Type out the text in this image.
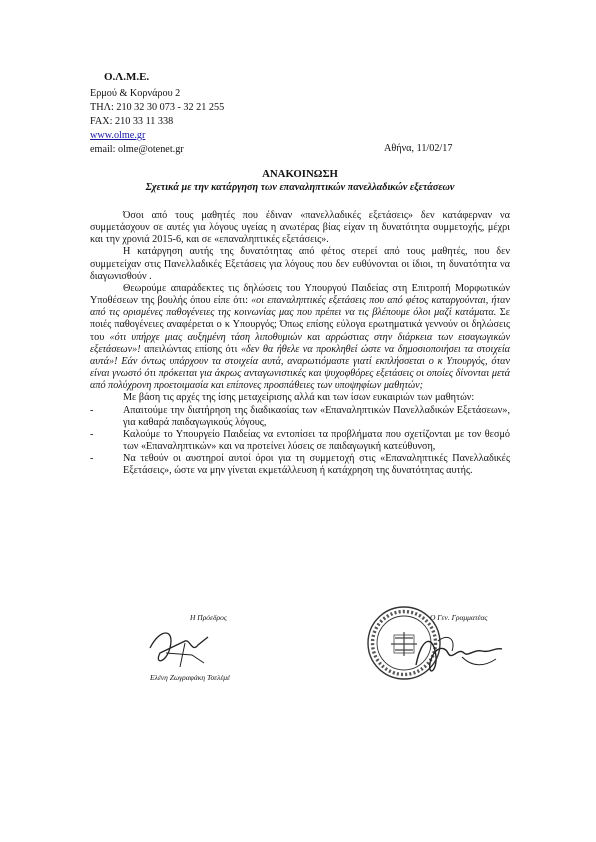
Ο.Λ.Μ.Ε.
Ερμού & Κορνάρου 2
ΤΗΛ: 210 32 30 073 - 32 21 255
FAX: 210 33 11 338
www.olme.gr
email: olme@otenet.gr	Αθήνα, 11/02/17
ΑΝΑΚΟΙΝΩΣΗ
Σχετικά με την κατάργηση των επαναληπτικών πανελλαδικών εξετάσεων

Όσοι από τους μαθητές που έδιναν «πανελλαδικές εξετάσεις» δεν κατάφερναν να συμμετάσχουν σε αυτές για λόγους υγείας η ανωτέρας βίας είχαν τη δυνατότητα συμμετοχής, μέχρι και την χρονιά 2015-6, και σε «επαναληπτικές εξετάσεις».

Η κατάργηση αυτής της δυνατότητας από φέτος στερεί από τους μαθητές, που δεν συμμετείχαν στις Πανελλαδικές Εξετάσεις για λόγους που δεν ευθύνονται οι ίδιοι, τη δυνατότητα να διαγωνισθούν .

Θεωρούμε απαράδεκτες τις δηλώσεις του Υπουργού Παιδείας στη Επιτροπή Μορφωτικών Υποθέσεων της βουλής όπου είπε ότι: «οι επαναληπτικές εξετάσεις που από φέτος καταργούνται, ήταν από τις ορισμένες παθογένειες της κοινωνίας μας που πρέπει να τις βλέπουμε όλοι μαζί κατάματα. Σε ποιές παθογένειες αναφέρεται ο κ Υπουργός; Όπως επίσης εύλογα ερωτηματικά γεννούν οι δηλώσεις του «ότι υπήρχε μιας αυξημένη τάση λιποθυμιών και αρρώστιας στην διάρκεια των εισαγωγικών εξετάσεων»! απειλώντας επίσης ότι «δεν θα ήθελε να προκληθεί ώστε να δημοσιοποιήσει τα στοιχεία αυτά»! Εάν όντως υπάρχουν τα στοιχεία αυτά, αναρωτιόμαστε γιατί εκπλήσσεται ο κ Υπουργός, όταν είναι γνωστό ότι πρόκειται για άκρως ανταγωνιστικές και ψυχοφθόρες εξετάσεις οι οποίες δίνονται μετά από πολύχρονη προετοιμασία και επίπονες προσπάθειες των υποψηφίων μαθητών;

Με βάση τις αρχές της ίσης μεταχείρισης αλλά και των ίσων ευκαιριών των μαθητών:

-	Απαιτούμε την διατήρηση της διαδικασίας των «Επαναληπτικών Πανελλαδικών Εξετάσεων», για καθαρά παιδαγωγικούς λόγους,

-	Καλούμε το Υπουργείο Παιδείας να εντοπίσει τα προβλήματα που σχετίζονται με τον θεσμό των «Επαναληπτικών» και να προτείνει λύσεις σε παιδαγωγική κατεύθυνση,

-	Να τεθούν οι αυστηροί αυτοί όροι για τη συμμετοχή στις «Επαναληπτικές Πανελλαδικές Εξετάσεις», ώστε να μην γίνεται εκμετάλλευση ή κατάχρηση της δυνατότητας αυτής.

Η Πρόεδρος
Ελένη Ζωγραφάκη Τσελέμέ
Ο Γεν. Γραμματέας
